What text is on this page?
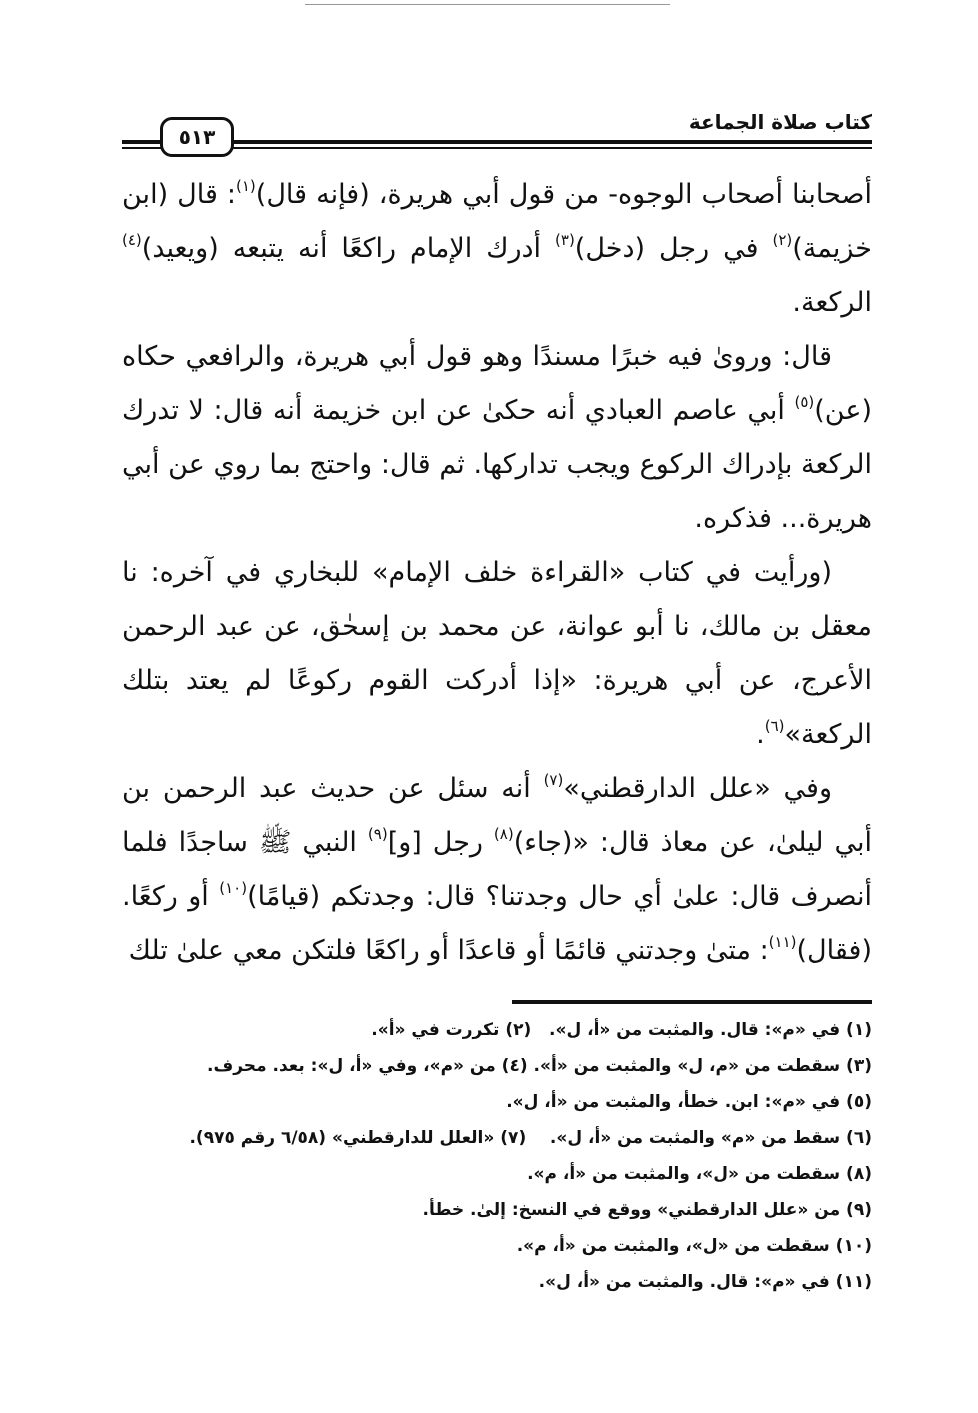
كتاب صلاة الجماعة
٥١٣

أصحابنا أصحاب الوجوه- من قول أبي هريرة، (فإنه قال)$^{(١)}$: قال (ابن خزيمة)$^{(٢)}$ في رجل (دخل)$^{(٣)}$ أدرك الإمام راكعًا أنه يتبعه (ويعيد)$^{(٤)}$ الركعة.

قال: وروىٰ فيه خبرًا مسندًا وهو قول أبي هريرة، والرافعي حكاه (عن)$^{(٥)}$ أبي عاصم العبادي أنه حكىٰ عن ابن خزيمة أنه قال: لا تدرك الركعة بإدراك الركوع ويجب تداركها. ثم قال: واحتج بما روي عن أبي هريرة... فذكره.

(ورأيت في كتاب «القراءة خلف الإمام» للبخاري في آخره: نا معقل بن مالك، نا أبو عوانة، عن محمد بن إسحٰق، عن عبد الرحمن الأعرج، عن أبي هريرة: «إذا أدركت القوم ركوعًا لم يعتد بتلك الركعة»$^{(٦)}$.

وفي «علل الدارقطني»$^{(٧)}$ أنه سئل عن حديث عبد الرحمن بن أبي ليلىٰ، عن معاذ قال: «(جاء)$^{(٨)}$ رجل [و]$^{(٩)}$ النبي ﷺ ساجدًا فلما أنصرف قال: علىٰ أي حال وجدتنا؟ قال: وجدتكم (قيامًا)$^{(١٠)}$ أو ركعًا. (فقال)$^{(١١)}$: متىٰ وجدتني قائمًا أو قاعدًا أو راكعًا فلتكن معي علىٰ تلك

(١) في «م»: قال. والمثبت من «أ، ل».   (٢) تكررت في «أ».
(٣) سقطت من «م، ل» والمثبت من «أ». (٤) من «م»، وفي «أ، ل»: بعد. محرف.
(٥) في «م»: ابن. خطأ، والمثبت من «أ، ل».
(٦) سقط من «م» والمثبت من «أ، ل».    (٧) «العلل للدارقطني» (٦/٥٨ رقم ٩٧٥).
(٨) سقطت من «ل»، والمثبت من «أ، م».
(٩) من «علل الدارقطني» ووقع في النسخ: إلىٰ. خطأ.
(١٠) سقطت من «ل»، والمثبت من «أ، م».
(١١) في «م»: قال. والمثبت من «أ، ل».
